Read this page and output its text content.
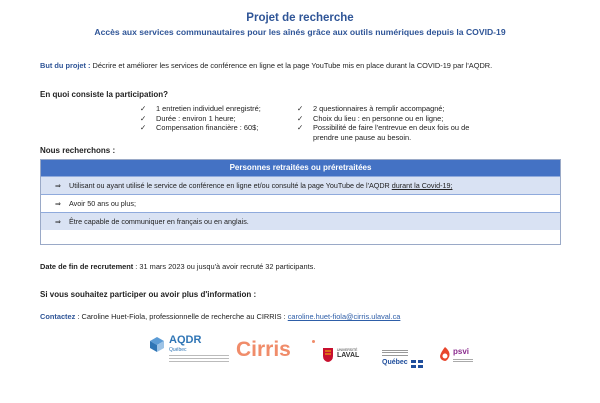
Projet de recherche
Accès aux services communautaires pour les aînés grâce aux outils numériques depuis la COVID-19
But du projet : Décrire et améliorer les services de conférence en ligne et la page YouTube mis en place durant la COVID-19 par l'AQDR.
En quoi consiste la participation?
✓ 1 entretien individuel enregistré;
✓ Durée : environ 1 heure;
✓ Compensation financière : 60$;
✓ 2 questionnaires à remplir accompagné;
✓ Choix du lieu : en personne ou en ligne;
✓ Possibilité de faire l'entrevue en deux fois ou de prendre une pause au besoin.
Nous recherchons :
Personnes retraitées ou préretraitées
⇒ Utilisant ou ayant utilisé le service de conférence en ligne et/ou consulté la page YouTube de l'AQDR durant la Covid-19;
⇒ Avoir 50 ans ou plus;
⇒ Être capable de communiquer en français ou en anglais.
Date de fin de recrutement : 31 mars 2023 ou jusqu'à avoir recruté 32 participants.
Si vous souhaitez participer ou avoir plus d'information :
Contactez : Caroline Huet-Fiola, professionnelle de recherche au CIRRIS : caroline.huet-fiola@cirris.ulaval.ca
AQDR
Québec Cirris	UNIVERSITÉ
LAVAL
Québec
psvi
